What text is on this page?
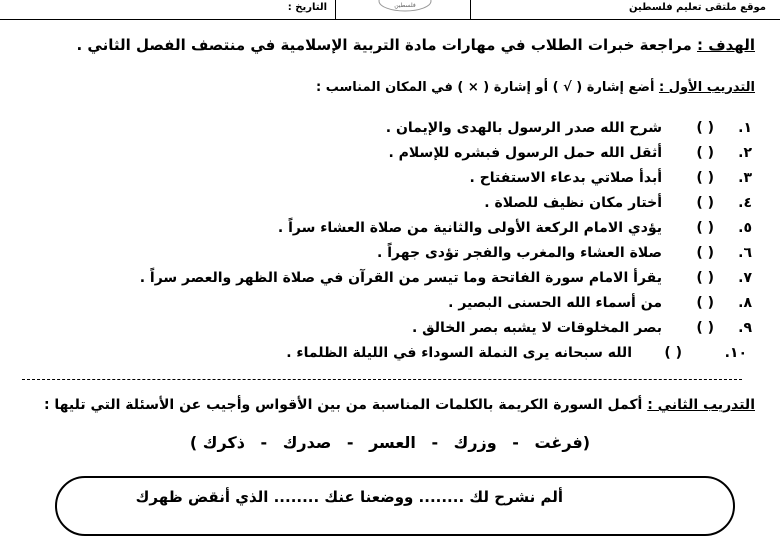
موقع ملتقى تعليم فلسطين
فلسطين
التاريخ :
الهدف : مراجعة خبرات الطلاب في مهارات مادة التربية الإسلامية في منتصف الفصل الثاني .
التدريب الأول : أضع إشارة ( √ ) أو إشارة ( × ) في المكان المناسب :
١.
( )
شرح الله صدر الرسول بالهدى والإيمان .
٢.
( )
أثقل الله حمل الرسول فبشره للإسلام .
٣.
( )
أبدأ صلاتي بدعاء الاستفتاح .
٤.
( )
أختار مكان نظيف للصلاة .
٥.
( )
يؤدي الامام الركعة الأولى والثانية من صلاة العشاء سراً .
٦.
( )
صلاة العشاء والمغرب والفجر تؤدى جهراً .
٧.
( )
يقرأ الامام سورة الفاتحة وما تيسر من القرآن في صلاة الظهر والعصر سراً .
٨.
( )
من أسماء الله الحسنى البصير .
٩.
( )
بصر المخلوقات لا يشبه بصر الخالق .
١٠.
( )
الله سبحانه يرى النملة السوداء في الليلة الظلماء .
التدريب الثاني : أكمل السورة الكريمة بالكلمات المناسبة من بين الأقواس وأجيب عن الأسئلة التي تليها :
(فرغت - وزرك - العسر - صدرك - ذكرك )
ألم نشرح لك ........ ووضعنا عنك ........ الذي أنقض ظهرك
